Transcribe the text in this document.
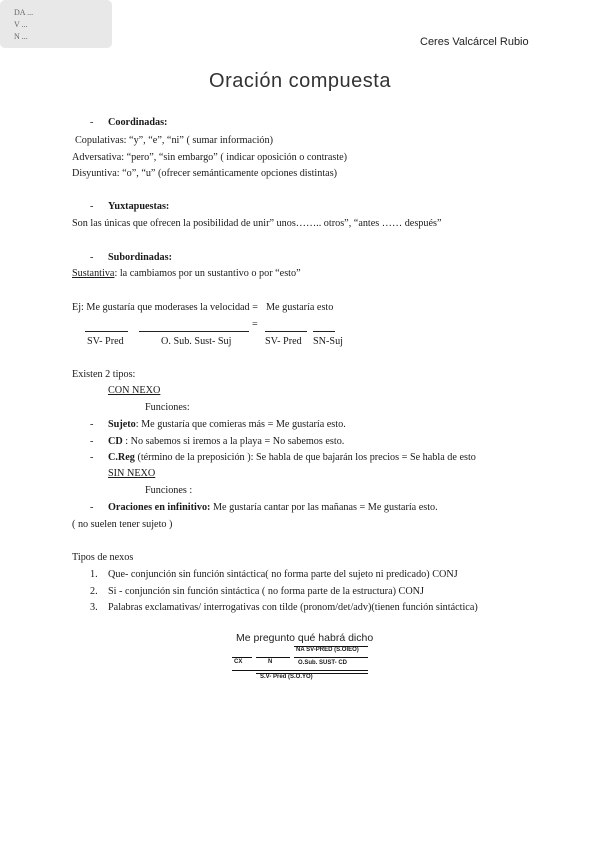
Ceres Valcárcel Rubio
Oración compuesta
DA ...
V ...
N ...
- Coordinadas:
Copulativas: “y”, “e”, “ni” ( sumar información)
Adversativa: “pero”, “sin embargo” ( indicar oposición o contraste)
Disyuntiva: “o”, “u” (ofrecer semánticamente opciones distintas)
- Yuxtapuestas:
Son las únicas que ofrecen la posibilidad de unir” unos…….. otros”, “antes …… después”
- Subordinadas:
Sustantiva: la cambiamos por un sustantivo o por “esto”
Ej: Me gustaría que moderases la velocidad = Me gustaría esto
=
SV- Pred	O. Sub. Sust- Suj	SV- Pred SN-Suj
Existen 2 tipos:
CON NEXO
Funciones:
- Sujeto: Me gustaría que comieras más = Me gustaría esto.
- CD : No sabemos si iremos a la playa = No sabemos esto.
- C.Reg (término de la preposición ): Se habla de que bajarán los precios = Se habla de esto
SIN NEXO
Funciones :
- Oraciones en infinitivo: Me gustaría cantar por las mañanas = Me gustaría esto.
( no suelen tener sujeto )
Tipos de nexos
1. Que- conjunción sin función sintáctica( no forma parte del sujeto ni predicado) CONJ
2. Si - conjunción sin función sintáctica ( no forma parte de la estructura) CONJ
3. Palabras exclamativas/ interrogativas con tilde (pronom/det/adv)(tienen función sintáctica)
Me pregunto qué habrá dicho
NA SV-PRED (S.OIEO)
CX	N	O.Sub. SUST- CD
S.V- Pred (S.O.YO)
